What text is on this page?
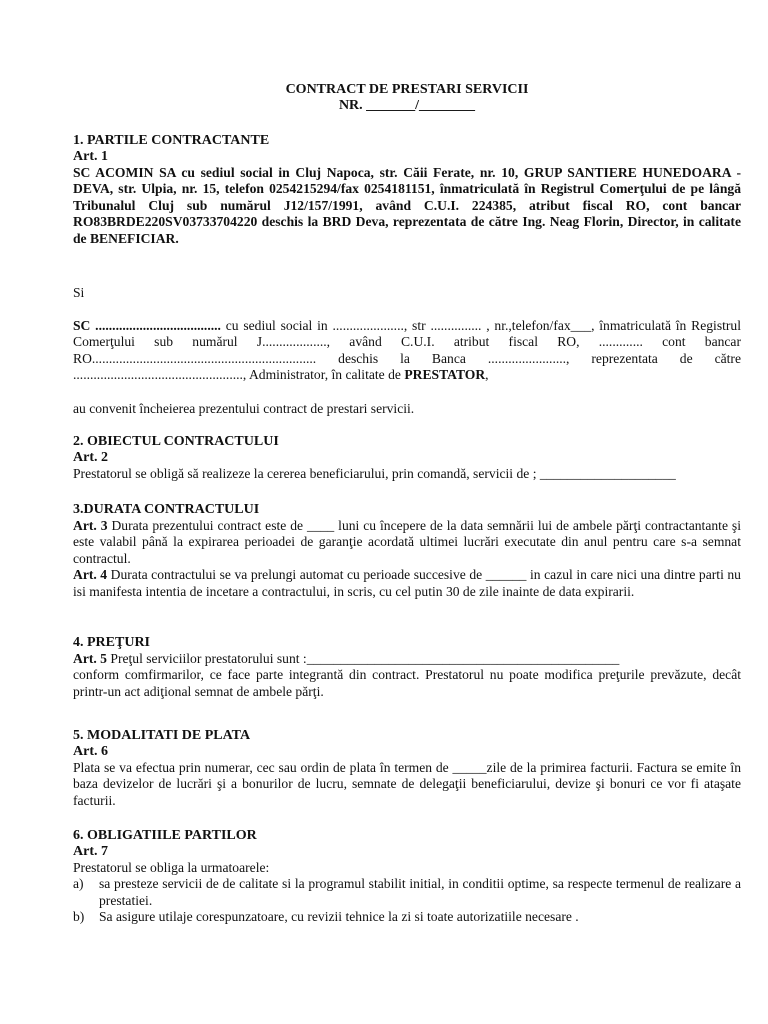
CONTRACT DE PRESTARI SERVICII
NR. _______/________
1. PARTILE CONTRACTANTE
Art. 1
SC ACOMIN SA cu sediul social in Cluj Napoca, str. Căii Ferate, nr. 10, GRUP SANTIERE HUNEDOARA - DEVA, str. Ulpia, nr. 15, telefon 0254215294/fax 0254181151, înmatriculată în Registrul Comerţului de pe lângă Tribunalul Cluj sub numărul J12/157/1991, având C.U.I. 224385, atribut fiscal RO, cont bancar RO83BRDE220SV03733704220 deschis la BRD Deva, reprezentata de către Ing. Neag Florin, Director, in calitate de BENEFICIAR.
Si
SC ..................................... cu sediul social in ....................., str ............... , nr.,telefon/fax___, înmatriculată în Registrul Comerţului sub numărul J..................., având C.U.I. atribut fiscal RO, ............. cont bancar RO.................................................................. deschis la Banca ......................., reprezentata de către .................................................., Administrator, în calitate de PRESTATOR,
au convenit încheierea prezentului contract de prestari servicii.
2. OBIECTUL CONTRACTULUI
Art. 2
Prestatorul se obligă să realizeze la cererea beneficiarului, prin comandă, servicii de ; ____________________
3.DURATA CONTRACTULUI
Art. 3 Durata prezentului contract este de ____ luni cu începere de la data semnării lui de ambele părţi contractantante şi este valabil până la expirarea perioadei de garanţie acordată ultimei lucrări executate din anul pentru care s-a semnat contractul.
Art. 4 Durata contractului se va prelungi automat cu perioade succesive de ______ in cazul in care nici una dintre parti nu isi manifesta intentia de incetare a contractului, in scris, cu cel putin 30 de zile inainte de data expirarii.
4. PREŢURI
Art. 5 Preţul serviciilor prestatorului sunt :______________________________________________
conform comfirmarilor, ce face parte integrantă din contract. Prestatorul nu poate modifica preţurile prevăzute, decât printr-un act adiţional semnat de ambele părţi.
5. MODALITATI DE PLATA
Art. 6
Plata se va efectua prin numerar, cec sau ordin de plata în termen de _____zile de la primirea facturii. Factura se emite în baza devizelor de lucrări şi a bonurilor de lucru, semnate de delegaţii beneficiarului, devize şi bonuri ce vor fi ataşate facturii.
6. OBLIGATIILE PARTILOR
Art. 7
Prestatorul se obliga la urmatoarele:
a) sa presteze servicii de de calitate si la programul stabilit initial, in conditii optime, sa respecte termenul de realizare a prestatiei.
b) Sa asigure utilaje corespunzatoare, cu revizii tehnice la zi si toate autorizatiile necesare .
